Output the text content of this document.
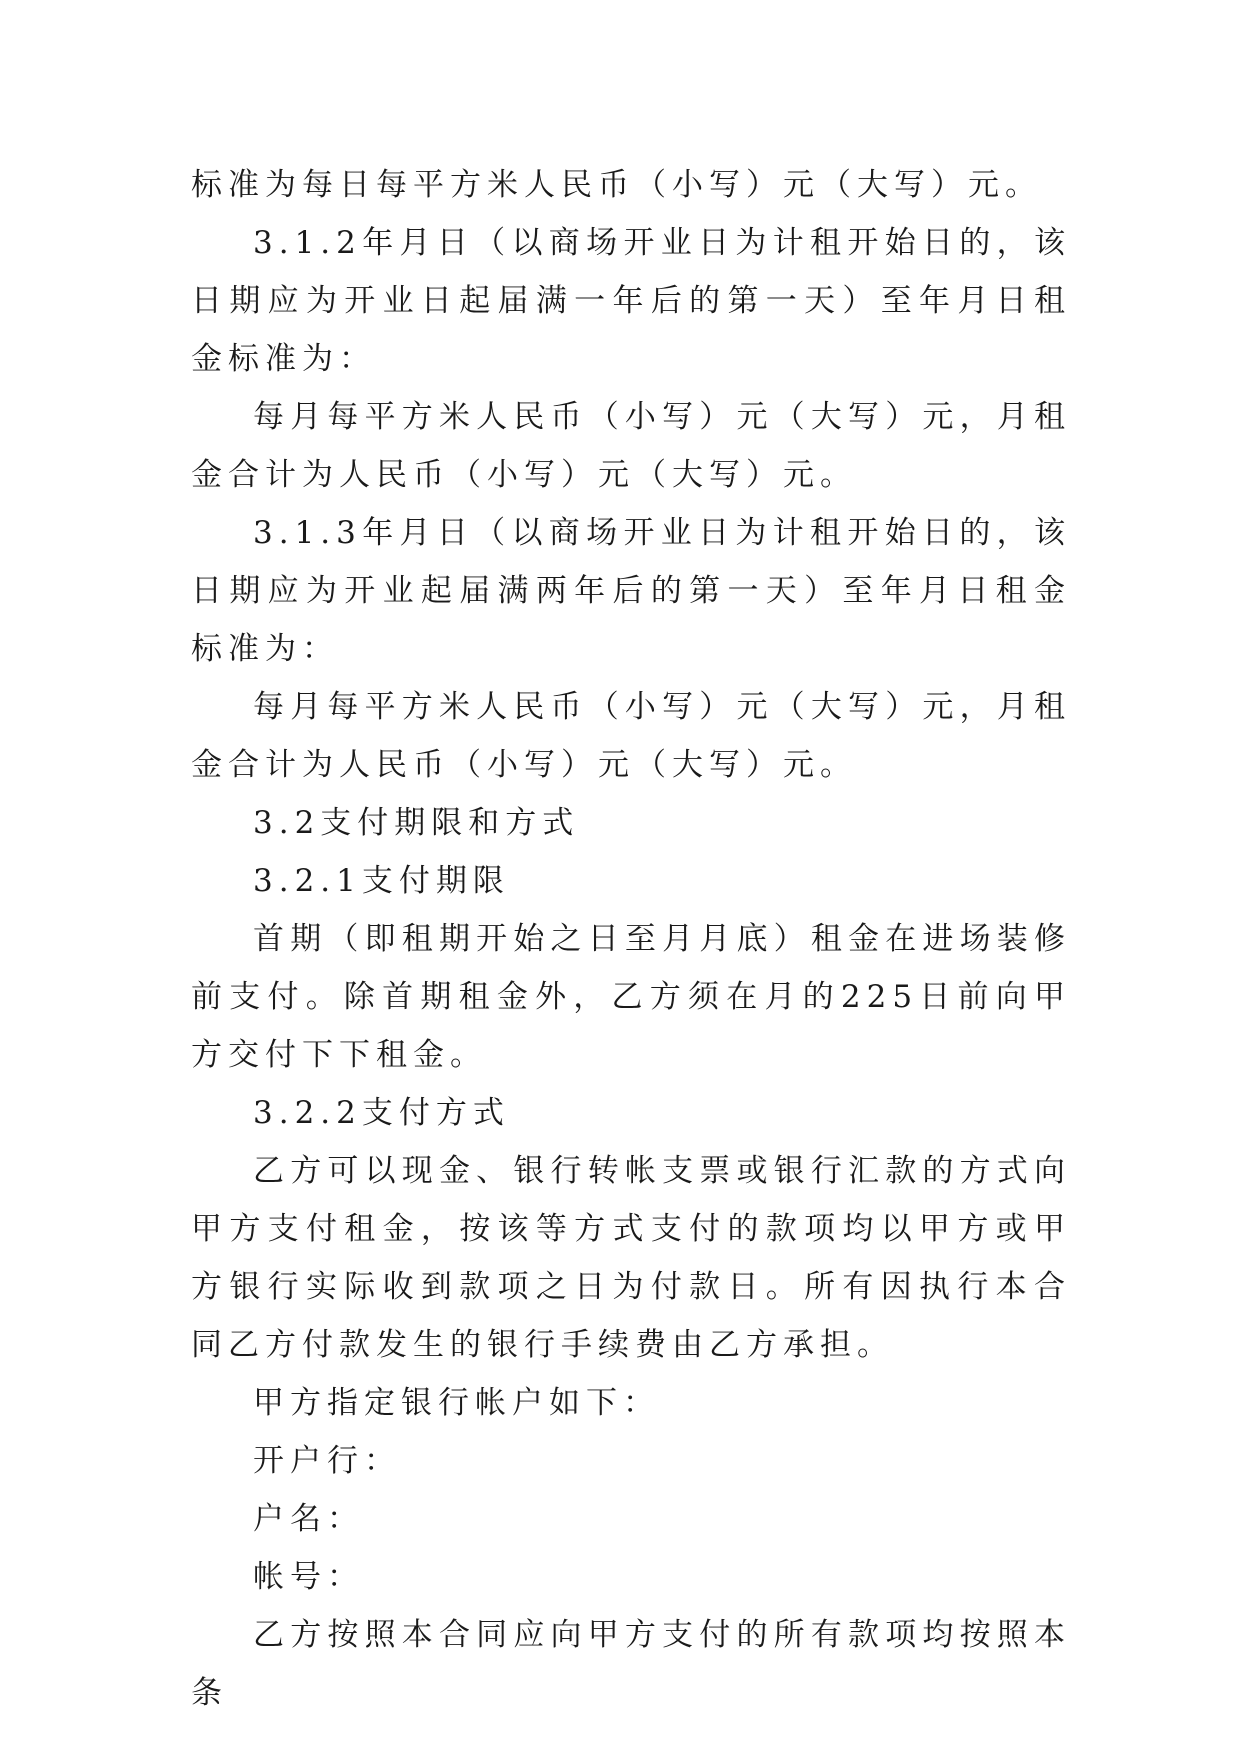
标准为每日每平方米人民币（小写）元（大写）元。

3.1.2年月日（以商场开业日为计租开始日的，该日期应为开业日起届满一年后的第一天）至年月日租金标准为：

每月每平方米人民币（小写）元（大写）元，月租金合计为人民币（小写）元（大写）元。

3.1.3年月日（以商场开业日为计租开始日的，该日期应为开业起届满两年后的第一天）至年月日租金标准为：

每月每平方米人民币（小写）元（大写）元，月租金合计为人民币（小写）元（大写）元。

3.2支付期限和方式

3.2.1支付期限

首期（即租期开始之日至月月底）租金在进场装修前支付。除首期租金外，乙方须在月的225日前向甲方交付下下租金。

3.2.2支付方式

乙方可以现金、银行转帐支票或银行汇款的方式向甲方支付租金，按该等方式支付的款项均以甲方或甲方银行实际收到款项之日为付款日。所有因执行本合同乙方付款发生的银行手续费由乙方承担。

甲方指定银行帐户如下：

开户行：

户名：

帐号：

乙方按照本合同应向甲方支付的所有款项均按照本条
